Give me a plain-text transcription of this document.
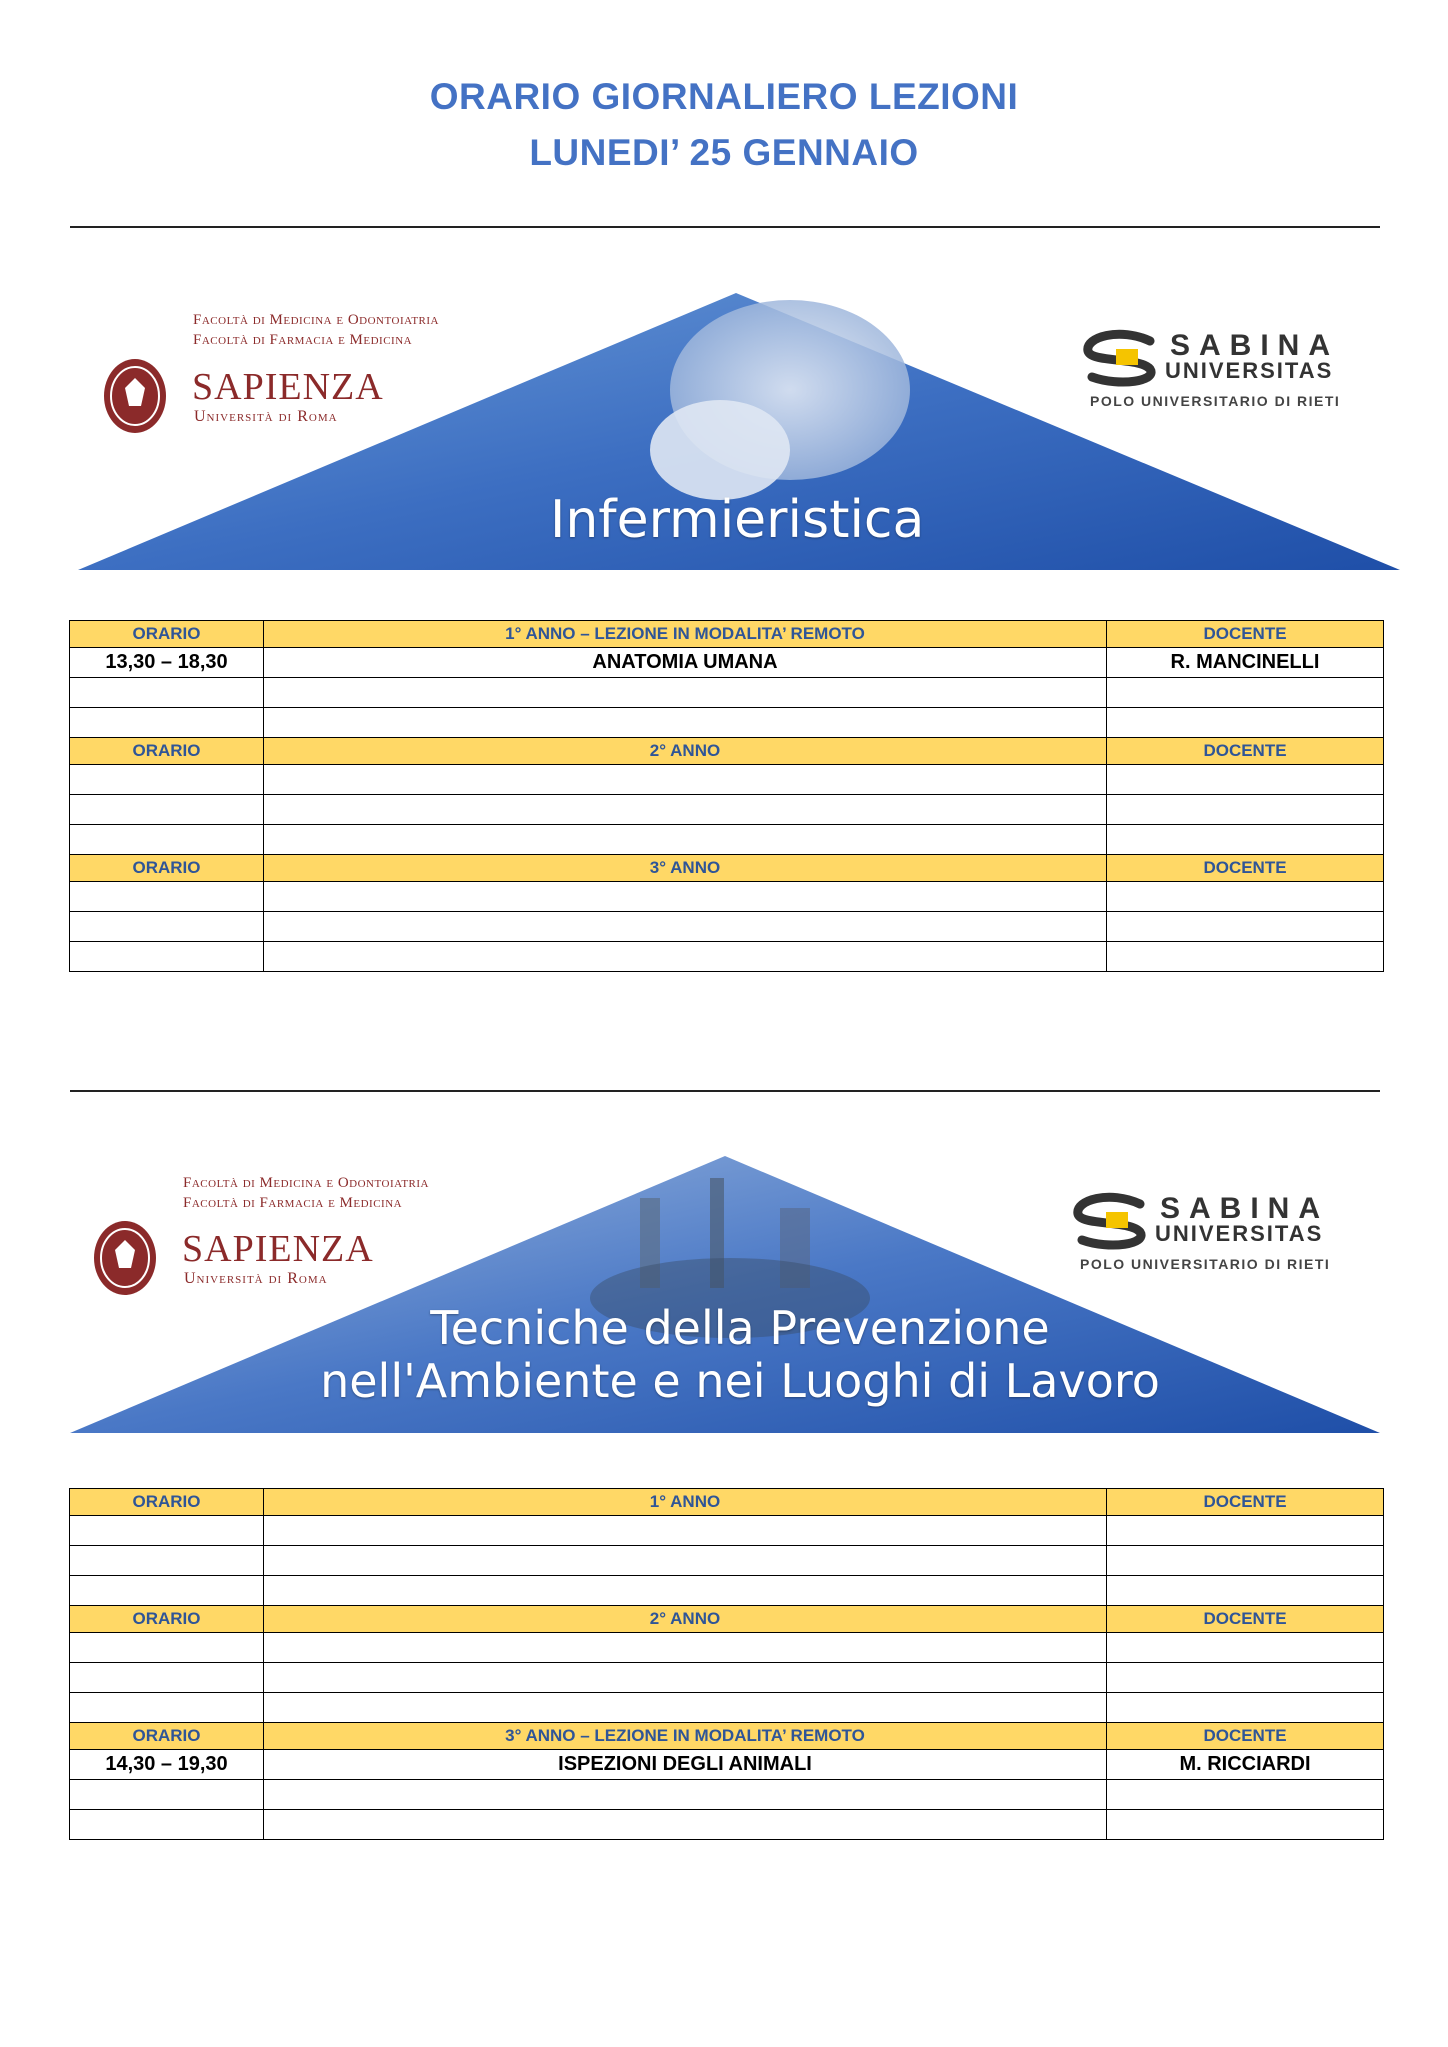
ORARIO GIORNALIERO LEZIONI
LUNEDI’ 25 GENNAIO
Infermieristica
Facoltà di Medicina e Odontoiatria
Facoltà di Farmacia e Medicina
SAPIENZA
Università di Roma
SABINA
UNIVERSITAS
POLO UNIVERSITARIO DI RIETI
ORARIO	1° ANNO – LEZIONE IN MODALITA’ REMOTO	DOCENTE
13,30 – 18,30	ANATOMIA UMANA	R. MANCINELLI

ORARIO	2° ANNO	DOCENTE

ORARIO	3° ANNO	DOCENTE

Tecniche della Prevenzione
nell'Ambiente e nei Luoghi di Lavoro
Facoltà di Medicina e Odontoiatria
Facoltà di Farmacia e Medicina
SAPIENZA
Università di Roma
SABINA
UNIVERSITAS
POLO UNIVERSITARIO DI RIETI
ORARIO	1° ANNO	DOCENTE

ORARIO	2° ANNO	DOCENTE

ORARIO	3° ANNO – LEZIONE IN MODALITA’ REMOTO	DOCENTE
14,30 – 19,30	ISPEZIONI DEGLI ANIMALI	M. RICCIARDI
